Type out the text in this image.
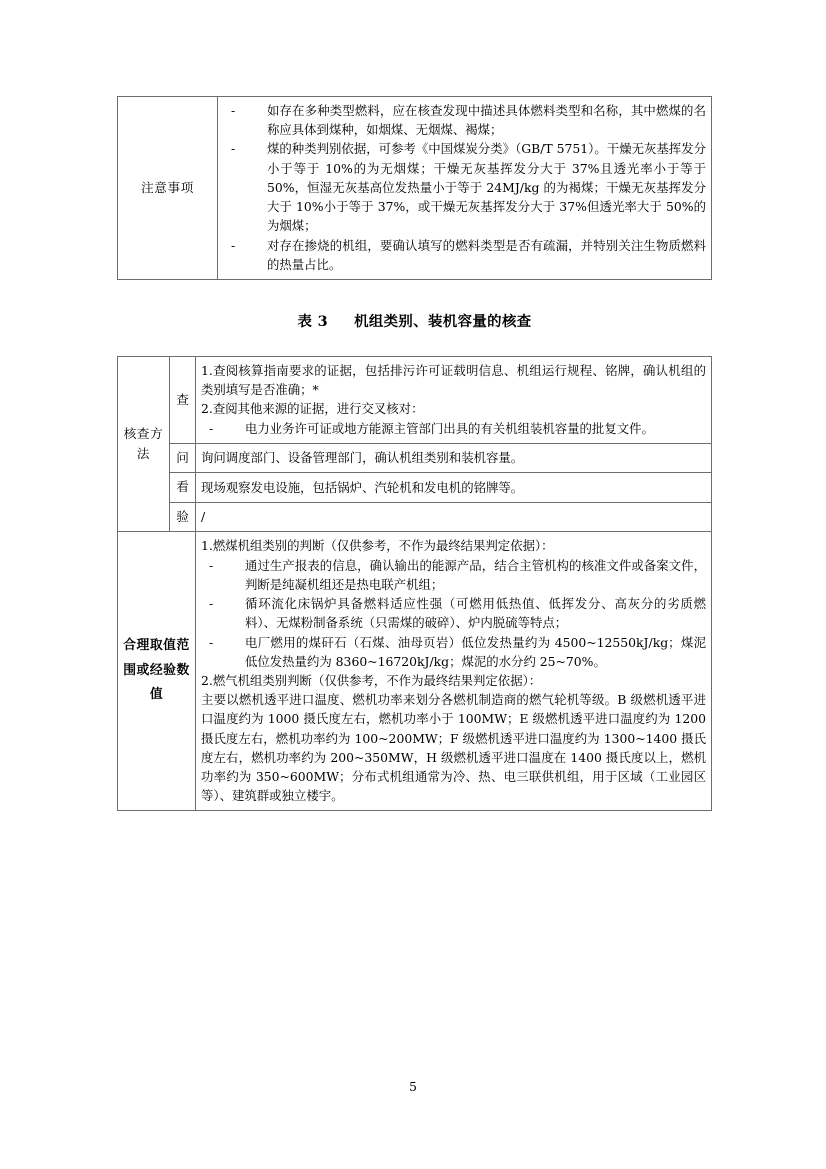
注意事项	
-	如存在多种类型燃料，应在核查发现中描述具体燃料类型和名称，其中燃煤的名称应具体到煤种，如烟煤、无烟煤、褐煤；
-	煤的种类判别依据，可参考《中国煤炭分类》（GB/T 5751）。干燥无灰基挥发分小于等于 10%的为无烟煤；干燥无灰基挥发分大于 37%且透光率小于等于 50%，恒湿无灰基高位发热量小于等于 24MJ/kg 的为褐煤；干燥无灰基挥发分大于 10%小于等于 37%，或干燥无灰基挥发分大于 37%但透光率大于 50%的为烟煤；
-	对存在掺烧的机组，要确认填写的燃料类型是否有疏漏，并特别关注生物质燃料的热量占比。
表 3 机组类别、装机容量的核查
核查方法	查	1.查阅核算指南要求的证据，包括排污许可证载明信息、机组运行规程、铭牌，确认机组的类别填写是否准确；*

2.查阅其他来源的证据，进行交叉核对：

- 电力业务许可证或地方能源主管部门出具的有关机组装机容量的批复文件。

	问	询问调度部门、设备管理部门，确认机组类别和装机容量。

	看	现场观察发电设施，包括锅炉、汽轮机和发电机的铭牌等。

	验	/

合理取值范围或经验数值	

1.燃煤机组类别的判断（仅供参考，不作为最终结果判定依据）：

-	通过生产报表的信息，确认输出的能源产品，结合主管机构的核准文件或备案文件，判断是纯凝机组还是热电联产机组；
-	循环流化床锅炉具备燃料适应性强（可燃用低热值、低挥发分、高灰分的劣质燃料）、无煤粉制备系统（只需煤的破碎）、炉内脱硫等特点；
-	电厂燃用的煤矸石（石煤、油母页岩）低位发热量约为 4500~12550kJ/kg；煤泥低位发热量约为 8360~16720kJ/kg；煤泥的水分约 25~70%。

2.燃气机组类别判断（仅供参考，不作为最终结果判定依据）：

主要以燃机透平进口温度、燃机功率来划分各燃机制造商的燃气轮机等级。B 级燃机透平进口温度约为 1000 摄氏度左右，燃机功率小于 100MW；E 级燃机透平进口温度约为 1200 摄氏度左右，燃机功率约为 100~200MW；F 级燃机透平进口温度约为 1300~1400 摄氏度左右，燃机功率约为 200~350MW，H 级燃机透平进口温度在 1400 摄氏度以上，燃机功率约为 350~600MW；分布式机组通常为冷、热、电三联供机组，用于区域（工业园区等）、建筑群或独立楼宇。

5
